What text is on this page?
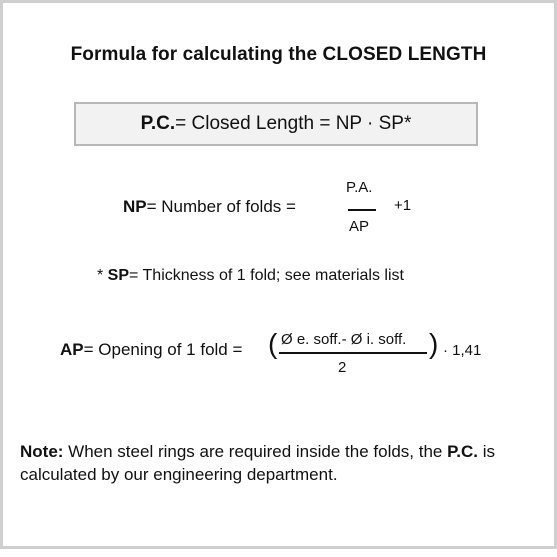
Formula for calculating the CLOSED LENGTH
P.C. = Closed Length = NP · SP*
NP= Number of folds =
P.A.
AP
+1
* SP= Thickness of 1 fold; see materials list
AP= Opening of 1 fold = ( Ø e. soff.- Ø i. soff.
2
) · 1,41
Note: When steel rings are required inside the folds, the P.C. is calculated by our engineering department.
